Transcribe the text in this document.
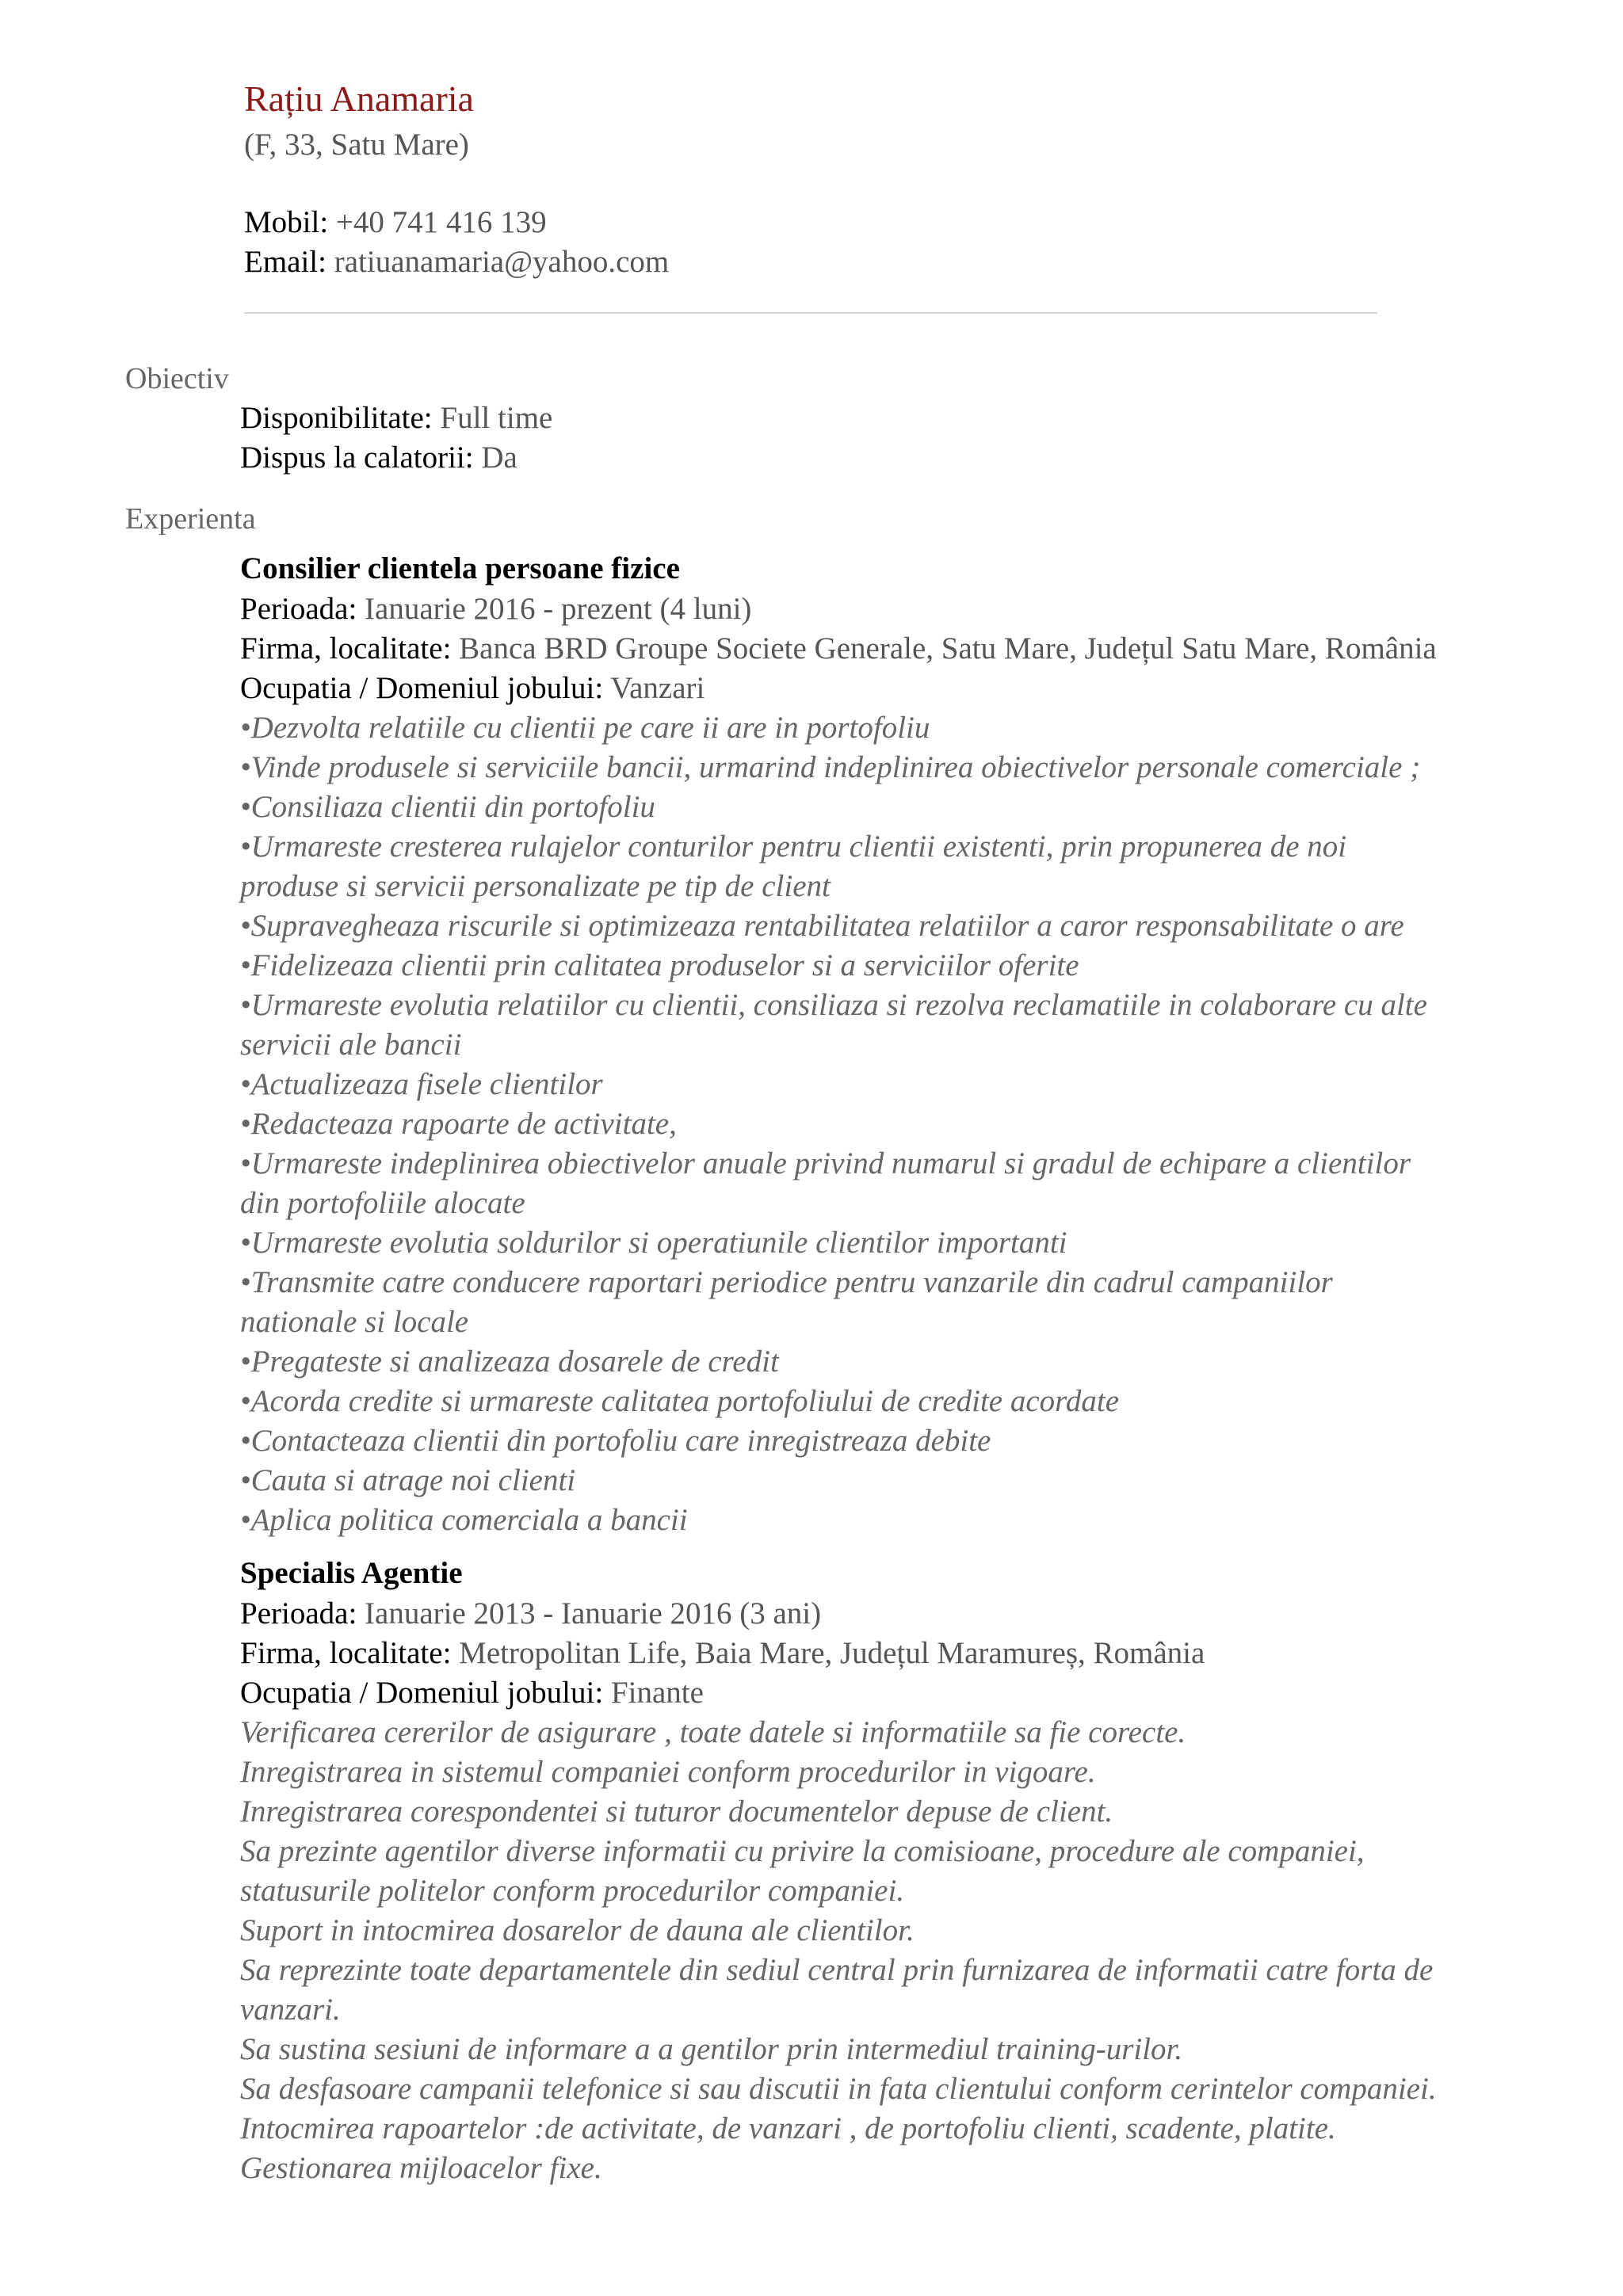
Rațiu Anamaria
(F, 33, Satu Mare)
Mobil: +40 741 416 139
Email: ratiuanamaria@yahoo.com
Obiectiv
Disponibilitate: Full time
Dispus la calatorii: Da
Experienta
Consilier clientela persoane fizice
Perioada: Ianuarie 2016 - prezent (4 luni)
Firma, localitate: Banca BRD Groupe Societe Generale, Satu Mare, Județul Satu Mare, România
Ocupatia / Domeniul jobului: Vanzari
•Dezvolta relatiile cu clientii pe care ii are in portofoliu
•Vinde produsele si serviciile bancii, urmarind indeplinirea obiectivelor personale comerciale ;
•Consiliaza clientii din portofoliu
•Urmareste cresterea rulajelor conturilor pentru clientii existenti, prin propunerea de noi
produse si servicii personalizate pe tip de client
•Supravegheaza riscurile si optimizeaza rentabilitatea relatiilor a caror responsabilitate o are
•Fidelizeaza clientii prin calitatea produselor si a serviciilor oferite
•Urmareste evolutia relatiilor cu clientii, consiliaza si rezolva reclamatiile in colaborare cu alte
servicii ale bancii
•Actualizeaza fisele clientilor
•Redacteaza rapoarte de activitate,
•Urmareste indeplinirea obiectivelor anuale privind numarul si gradul de echipare a clientilor
din portofoliile alocate
•Urmareste evolutia soldurilor si operatiunile clientilor importanti
•Transmite catre conducere raportari periodice pentru vanzarile din cadrul campaniilor
nationale si locale
•Pregateste si analizeaza dosarele de credit
•Acorda credite si urmareste calitatea portofoliului de credite acordate
•Contacteaza clientii din portofoliu care inregistreaza debite
•Cauta si atrage noi clienti
•Aplica politica comerciala a bancii
Specialis Agentie
Perioada: Ianuarie 2013 - Ianuarie 2016 (3 ani)
Firma, localitate: Metropolitan Life, Baia Mare, Județul Maramureș, România
Ocupatia / Domeniul jobului: Finante
Verificarea cererilor de asigurare , toate datele si informatiile sa fie corecte.
Inregistrarea in sistemul companiei conform procedurilor in vigoare.
Inregistrarea corespondentei si tuturor documentelor depuse de client.
Sa prezinte agentilor diverse informatii cu privire la comisioane, procedure ale companiei,
statusurile politelor conform procedurilor companiei.
Suport in intocmirea dosarelor de dauna ale clientilor.
Sa reprezinte toate departamentele din sediul central prin furnizarea de informatii catre forta de
vanzari.
Sa sustina sesiuni de informare a a gentilor prin intermediul training-urilor.
Sa desfasoare campanii telefonice si sau discutii in fata clientului conform cerintelor companiei.
Intocmirea rapoartelor :de activitate, de vanzari , de portofoliu clienti, scadente, platite.
Gestionarea mijloacelor fixe.
